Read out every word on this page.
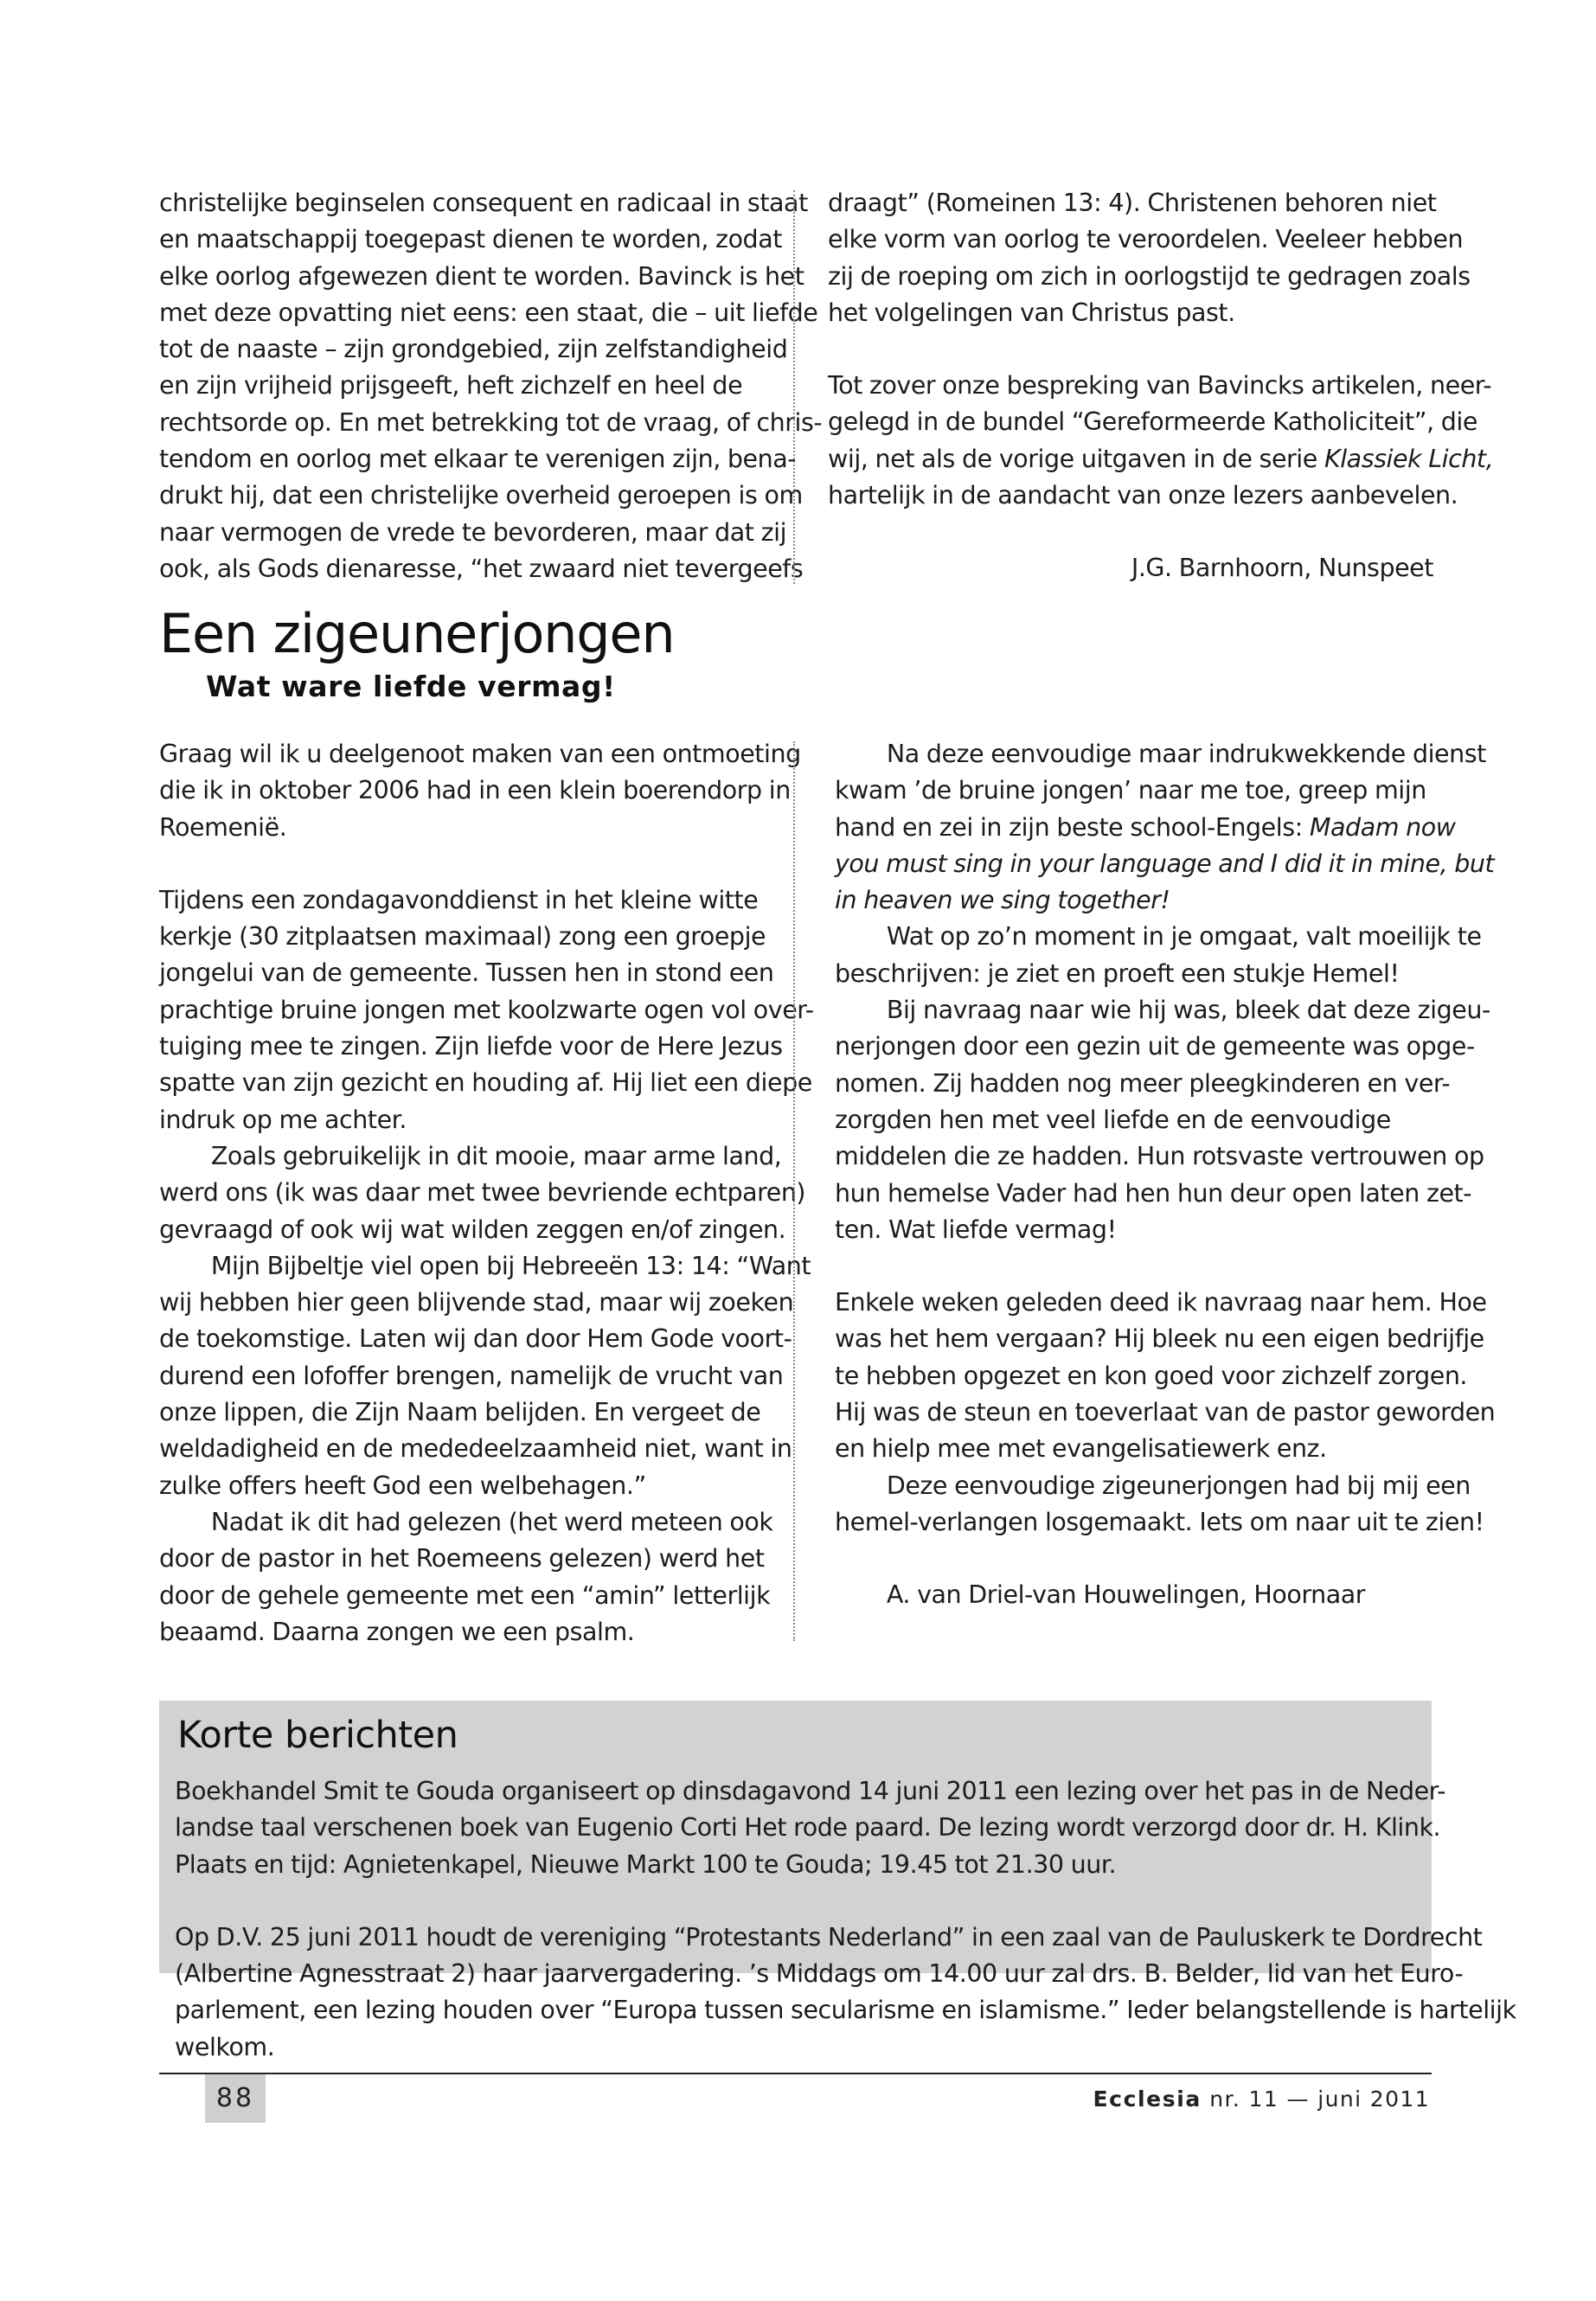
christelijke beginselen consequent en radicaal in staat
en maatschappij toegepast dienen te worden, zodat
elke oorlog afgewezen dient te worden. Bavinck is het
met deze opvatting niet eens: een staat, die – uit liefde
tot de naaste – zijn grondgebied, zijn zelfstandigheid
en zijn vrijheid prijsgeeft, heft zichzelf en heel de
rechtsorde op. En met betrekking tot de vraag, of chris-
tendom en oorlog met elkaar te verenigen zijn, bena-
drukt hij, dat een christelijke overheid geroepen is om
naar vermogen de vrede te bevorderen, maar dat zij
ook, als Gods dienaresse, “het zwaard niet tevergeefs

draagt” (Romeinen 13: 4). Christenen behoren niet
elke vorm van oorlog te veroordelen. Veeleer hebben
zij de roeping om zich in oorlogstijd te gedragen zoals
het volgelingen van Christus past.

Tot zover onze bespreking van Bavincks artikelen, neer-
gelegd in de bundel “Gereformeerde Katholiciteit”, die
wij, net als de vorige uitgaven in de serie Klassiek Licht,
hartelijk in de aandacht van onze lezers aanbevelen.

J.G. Barnhoorn, Nunspeet

Een zigeunerjongen
Wat ware liefde vermag!

Graag wil ik u deelgenoot maken van een ontmoeting
die ik in oktober 2006 had in een klein boerendorp in
Roemenië.

Tijdens een zondagavonddienst in het kleine witte
kerkje (30 zitplaatsen maximaal) zong een groepje
jongelui van de gemeente. Tussen hen in stond een
prachtige bruine jongen met koolzwarte ogen vol over-
tuiging mee te zingen. Zijn liefde voor de Here Jezus
spatte van zijn gezicht en houding af. Hij liet een diepe
indruk op me achter.

Zoals gebruikelijk in dit mooie, maar arme land,

werd ons (ik was daar met twee bevriende echtparen)
gevraagd of ook wij wat wilden zeggen en/of zingen.

Mijn Bijbeltje viel open bij Hebreeën 13: 14: “Want

wij hebben hier geen blijvende stad, maar wij zoeken
de toekomstige. Laten wij dan door Hem Gode voort-
durend een lofoffer brengen, namelijk de vrucht van
onze lippen, die Zijn Naam belijden. En vergeet de
weldadigheid en de mededeelzaamheid niet, want in
zulke offers heeft God een welbehagen.”

Nadat ik dit had gelezen (het werd meteen ook

door de pastor in het Roemeens gelezen) werd het
door de gehele gemeente met een “amin” letterlijk
beaamd. Daarna zongen we een psalm.

Na deze eenvoudige maar indrukwekkende dienst

kwam ’de bruine jongen’ naar me toe, greep mijn
hand en zei in zijn beste school-Engels: Madam now
you must sing in your language and I did it in mine, but
in heaven we sing together!

Wat op zo’n moment in je omgaat, valt moeilijk te

beschrijven: je ziet en proeft een stukje Hemel!

Bij navraag naar wie hij was, bleek dat deze zigeu-

nerjongen door een gezin uit de gemeente was opge-
nomen. Zij hadden nog meer pleegkinderen en ver-
zorgden hen met veel liefde en de eenvoudige
middelen die ze hadden. Hun rotsvaste vertrouwen op
hun hemelse Vader had hen hun deur open laten zet-
ten. Wat liefde vermag!

Enkele weken geleden deed ik navraag naar hem. Hoe
was het hem vergaan? Hij bleek nu een eigen bedrijfje
te hebben opgezet en kon goed voor zichzelf zorgen.
Hij was de steun en toeverlaat van de pastor geworden
en hielp mee met evangelisatiewerk enz.

Deze eenvoudige zigeunerjongen had bij mij een

hemel-verlangen losgemaakt. Iets om naar uit te zien!

A. van Driel-van Houwelingen, Hoornaar

Korte berichten

Boekhandel Smit te Gouda organiseert op dinsdagavond 14 juni 2011 een lezing over het pas in de Neder-
landse taal verschenen boek van Eugenio Corti Het rode paard. De lezing wordt verzorgd door dr. H. Klink.
Plaats en tijd: Agnietenkapel, Nieuwe Markt 100 te Gouda; 19.45 tot 21.30 uur.

Op D.V. 25 juni 2011 houdt de vereniging “Protestants Nederland” in een zaal van de Pauluskerk te Dordrecht
(Albertine Agnesstraat 2) haar jaarvergadering. ’s Middags om 14.00 uur zal drs. B. Belder, lid van het Euro-
parlement, een lezing houden over “Europa tussen secularisme en islamisme.” Ieder belangstellende is hartelijk
welkom.

88	Ecclesia nr. 11 — juni 2011
